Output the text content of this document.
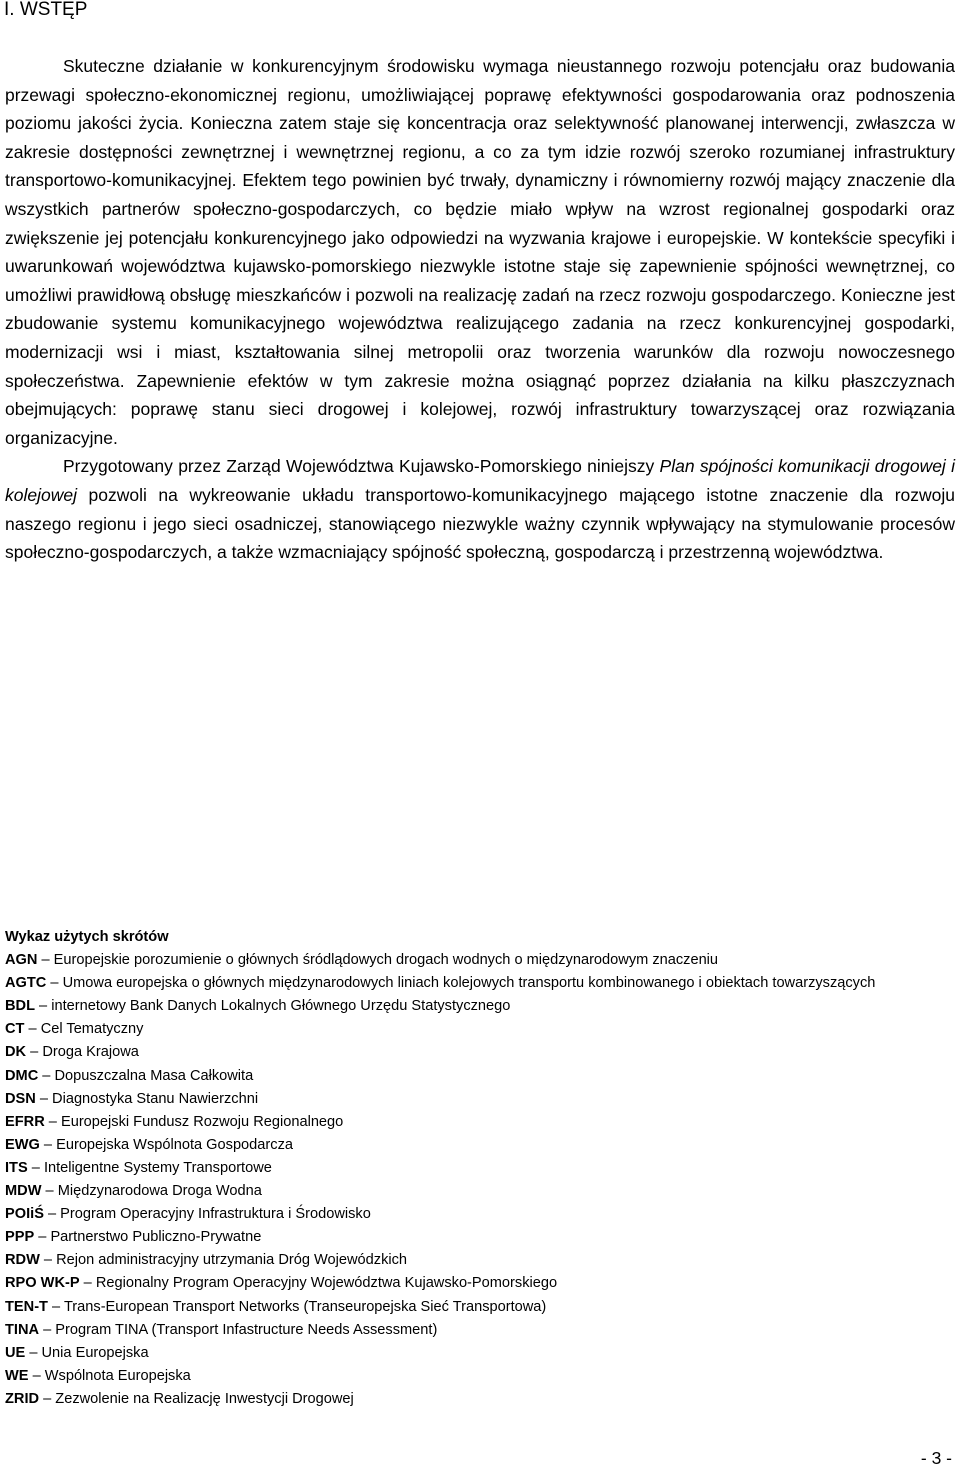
I. WSTĘP

Skuteczne działanie w konkurencyjnym środowisku wymaga nieustannego rozwoju potencjału oraz budowania przewagi społeczno-ekonomicznej regionu, umożliwiającej poprawę efektywności gospodarowania oraz podnoszenia poziomu jakości życia. Konieczna zatem staje się koncentracja oraz selektywność planowanej interwencji, zwłaszcza w zakresie dostępności zewnętrznej i wewnętrznej regionu, a co za tym idzie rozwój szeroko rozumianej infrastruktury transportowo-komunikacyjnej. Efektem tego powinien być trwały, dynamiczny i równomierny rozwój mający znaczenie dla wszystkich partnerów społeczno-gospodarczych, co będzie miało wpływ na wzrost regionalnej gospodarki oraz zwiększenie jej potencjału konkurencyjnego jako odpowiedzi na wyzwania krajowe i europejskie. W kontekście specyfiki i uwarunkowań województwa kujawsko-pomorskiego niezwykle istotne staje się zapewnienie spójności wewnętrznej, co umożliwi prawidłową obsługę mieszkańców i pozwoli na realizację zadań na rzecz rozwoju gospodarczego. Konieczne jest zbudowanie systemu komunikacyjnego województwa realizującego zadania na rzecz konkurencyjnej gospodarki, modernizacji wsi i miast, kształtowania silnej metropolii oraz tworzenia warunków dla rozwoju nowoczesnego społeczeństwa. Zapewnienie efektów w tym zakresie można osiągnąć poprzez działania na kilku płaszczyznach obejmujących: poprawę stanu sieci drogowej i kolejowej, rozwój infrastruktury towarzyszącej oraz rozwiązania organizacyjne.

Przygotowany przez Zarząd Województwa Kujawsko-Pomorskiego niniejszy Plan spójności komunikacji drogowej i kolejowej pozwoli na wykreowanie układu transportowo-komunikacyjnego mającego istotne znaczenie dla rozwoju naszego regionu i jego sieci osadniczej, stanowiącego niezwykle ważny czynnik wpływający na stymulowanie procesów społeczno-gospodarczych, a także wzmacniający spójność społeczną, gospodarczą i przestrzenną województwa.

Wykaz użytych skrótów

AGN – Europejskie porozumienie o głównych śródlądowych drogach wodnych o międzynarodowym znaczeniu
AGTC – Umowa europejska o głównych międzynarodowych liniach kolejowych transportu kombinowanego i obiektach towarzyszących
BDL – internetowy Bank Danych Lokalnych Głównego Urzędu Statystycznego
CT – Cel Tematyczny
DK – Droga Krajowa
DMC – Dopuszczalna Masa Całkowita
DSN – Diagnostyka Stanu Nawierzchni
EFRR – Europejski Fundusz Rozwoju Regionalnego
EWG – Europejska Wspólnota Gospodarcza
ITS – Inteligentne Systemy Transportowe
MDW – Międzynarodowa Droga Wodna
POIiŚ – Program Operacyjny Infrastruktura i Środowisko
PPP – Partnerstwo Publiczno-Prywatne
RDW – Rejon administracyjny utrzymania Dróg Wojewódzkich
RPO WK-P – Regionalny Program Operacyjny Województwa Kujawsko-Pomorskiego
TEN-T – Trans-European Transport Networks (Transeuropejska Sieć Transportowa)
TINA – Program TINA (Transport Infastructure Needs Assessment)
UE – Unia Europejska
WE – Wspólnota Europejska
ZRID – Zezwolenie na Realizację Inwestycji Drogowej
- 3 -
